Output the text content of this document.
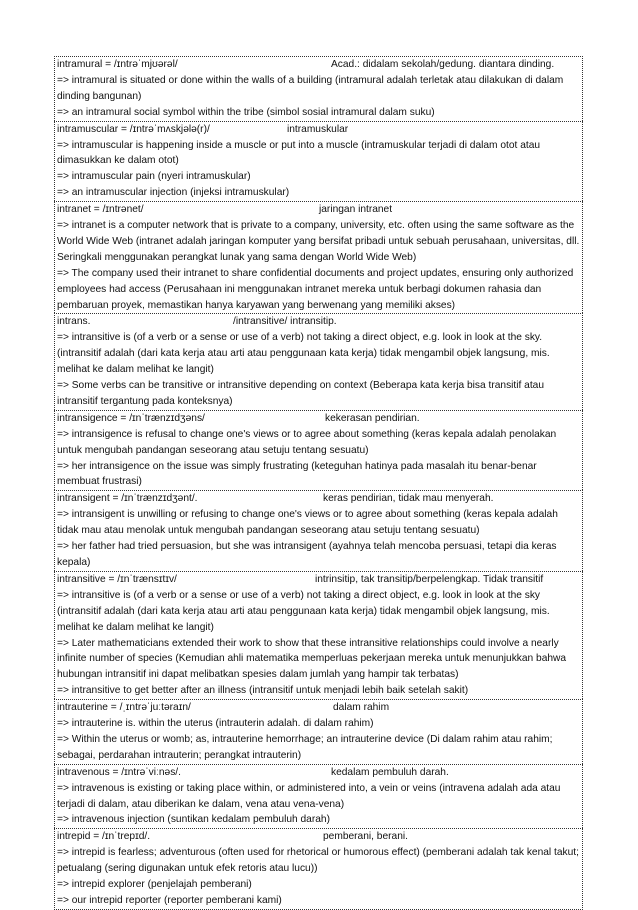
intramural = /ɪntrəˈmjʊərəl/	Acad.: didalam sekolah/gedung. diantara dinding.
=> intramural is situated or done within the walls of a building (intramural adalah terletak atau dilakukan di dalam dinding bangunan)
=> an intramural social symbol within the tribe (simbol sosial intramural dalam suku)
intramuscular = /ɪntrəˈmʌskjələ(r)/	intramuskular
=> intramuscular is happening inside a muscle or put into a muscle (intramuskular terjadi di dalam otot atau dimasukkan ke dalam otot)
=> intramuscular pain (nyeri intramuskular)
=> an intramuscular injection (injeksi intramuskular)
intranet = /ɪntrənet/	jaringan intranet
=> intranet is a computer network that is private to a company, university, etc. often using the same software as the World Wide Web (intranet adalah jaringan komputer yang bersifat pribadi untuk sebuah perusahaan, universitas, dll. Seringkali menggunakan perangkat lunak yang sama dengan World Wide Web)
=> The company used their intranet to share confidential documents and project updates, ensuring only authorized employees had access (Perusahaan ini menggunakan intranet mereka untuk berbagi dokumen rahasia dan pembaruan proyek, memastikan hanya karyawan yang berwenang yang memiliki akses)
intrans.	/intransitive/ intransitip.
=> intransitive is (of a verb or a sense or use of a verb) not taking a direct object, e.g. look in look at the sky. (intransitif adalah (dari kata kerja atau arti atau penggunaan kata kerja) tidak mengambil objek langsung, mis. melihat ke dalam melihat ke langit)
=> Some verbs can be transitive or intransitive depending on context (Beberapa kata kerja bisa transitif atau intransitif tergantung pada konteksnya)
intransigence = /ɪnˈtrænzɪdʒəns/	kekerasan pendirian.
=> intransigence is refusal to change one's views or to agree about something (keras kepala adalah penolakan untuk mengubah pandangan seseorang atau setuju tentang sesuatu)
=> her intransigence on the issue was simply frustrating (keteguhan hatinya pada masalah itu benar-benar membuat frustrasi)
intransigent = /ɪnˈtrænzɪdʒənt/.	keras pendirian, tidak mau menyerah.
=> intransigent is unwilling or refusing to change one's views or to agree about something (keras kepala adalah tidak mau atau menolak untuk mengubah pandangan seseorang atau setuju tentang sesuatu)
=> her father had tried persuasion, but she was intransigent (ayahnya telah mencoba persuasi, tetapi dia keras kepala)
intransitive = /ɪnˈtrænsɪtɪv/	intrinsitip, tak transitip/berpelengkap. Tidak transitif
=> intransitive is (of a verb or a sense or use of a verb) not taking a direct object, e.g. look in look at the sky (intransitif adalah (dari kata kerja atau arti atau penggunaan kata kerja) tidak mengambil objek langsung, mis. melihat ke dalam melihat ke langit)
=> Later mathematicians extended their work to show that these intransitive relationships could involve a nearly infinite number of species (Kemudian ahli matematika memperluas pekerjaan mereka untuk menunjukkan bahwa hubungan intransitif ini dapat melibatkan spesies dalam jumlah yang hampir tak terbatas)
=> intransitive to get better after an illness (intransitif untuk menjadi lebih baik setelah sakit)
intrauterine = /ˌɪntrəˈjuːtəraɪn/	dalam rahim
=> intrauterine is. within the uterus (intrauterin adalah. di dalam rahim)
=> Within the uterus or womb; as, intrauterine hemorrhage; an intrauterine device (Di dalam rahim atau rahim; sebagai, perdarahan intrauterin; perangkat intrauterin)
intravenous = /ɪntrəˈviːnəs/.	kedalam pembuluh darah.
=> intravenous is existing or taking place within, or administered into, a vein or veins (intravena adalah ada atau terjadi di dalam, atau diberikan ke dalam, vena atau vena-vena)
=> intravenous injection (suntikan kedalam pembuluh darah)
intrepid = /ɪnˈtrepɪd/.	pemberani, berani.
=> intrepid is fearless; adventurous (often used for rhetorical or humorous effect) (pemberani adalah tak kenal takut; petualang (sering digunakan untuk efek retoris atau lucu))
=> intrepid explorer (penjelajah pemberani)
=> our intrepid reporter (reporter pemberani kami)
